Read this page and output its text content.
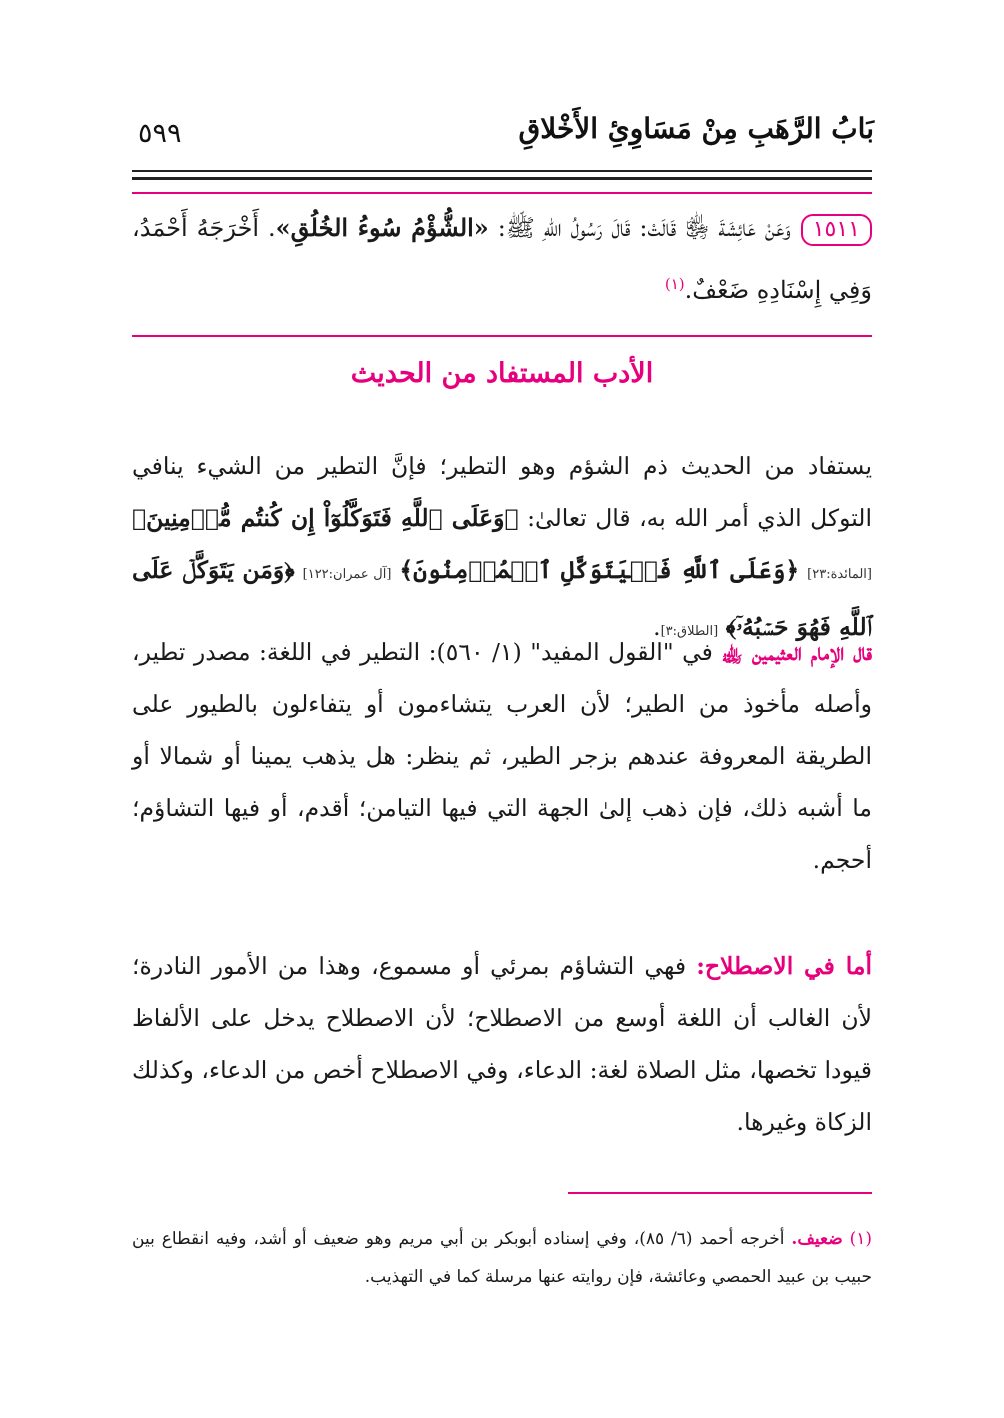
بَابُ الرَّهَبِ مِنْ مَسَاوِئِ الأَخْلاقِ
٥٩٩
١٥١١وَعَنْ عَائِشَةَ ﵂ قَالَتْ: قَالَ رَسُولُ اللهِ ﷺ: «الشُّؤْمُ سُوءُ الخُلُقِ». أَخْرَجَهُ أَحْمَدُ، وَفِي إِسْنَادِهِ ضَعْفٌ.$^{(١)}$
الأدب المستفاد من الحديث
يستفاد من الحديث ذم الشؤم وهو التطير؛ فإنَّ التطير من الشيء ينافي التوكل الذي أمر الله به، قال تعالىٰ: ﴿وَعَلَى ٱللَّهِ فَتَوَكَّلُوٓاْ إِن كُنتُم مُّؤۡمِنِينَ﴾ [المائدة:٢٣] ﴿وَعَلَى ٱللَّهِ فَلۡيَتَوَكَّلِ ٱلۡمُؤۡمِنُونَ﴾ [آل عمران:١٢٢] ﴿وَمَن يَتَوَكَّلۡ عَلَى ٱللَّهِ فَهُوَ حَسۡبُهُۥٓ﴾ [الطلاق:٣].
قال الإمام العثيمين ﵀ في "القول المفيد" (١/ ٥٦٠): التطير في اللغة: مصدر تطير، وأصله مأخوذ من الطير؛ لأن العرب يتشاءمون أو يتفاءلون بالطيور على الطريقة المعروفة عندهم بزجر الطير، ثم ينظر: هل يذهب يمينا أو شمالا أو ما أشبه ذلك، فإن ذهب إلىٰ الجهة التي فيها التيامن؛ أقدم، أو فيها التشاؤم؛ أحجم.
أما في الاصطلاح: فهي التشاؤم بمرئي أو مسموع، وهذا من الأمور النادرة؛ لأن الغالب أن اللغة أوسع من الاصطلاح؛ لأن الاصطلاح يدخل على الألفاظ قيودا تخصها، مثل الصلاة لغة: الدعاء، وفي الاصطلاح أخص من الدعاء، وكذلك الزكاة وغيرها.
(١) ضعيف. أخرجه أحمد (٦/ ٨٥)، وفي إسناده أبوبكر بن أبي مريم وهو ضعيف أو أشد، وفيه انقطاع بين حبيب بن عبيد الحمصي وعائشة، فإن روايته عنها مرسلة كما في التهذيب.
